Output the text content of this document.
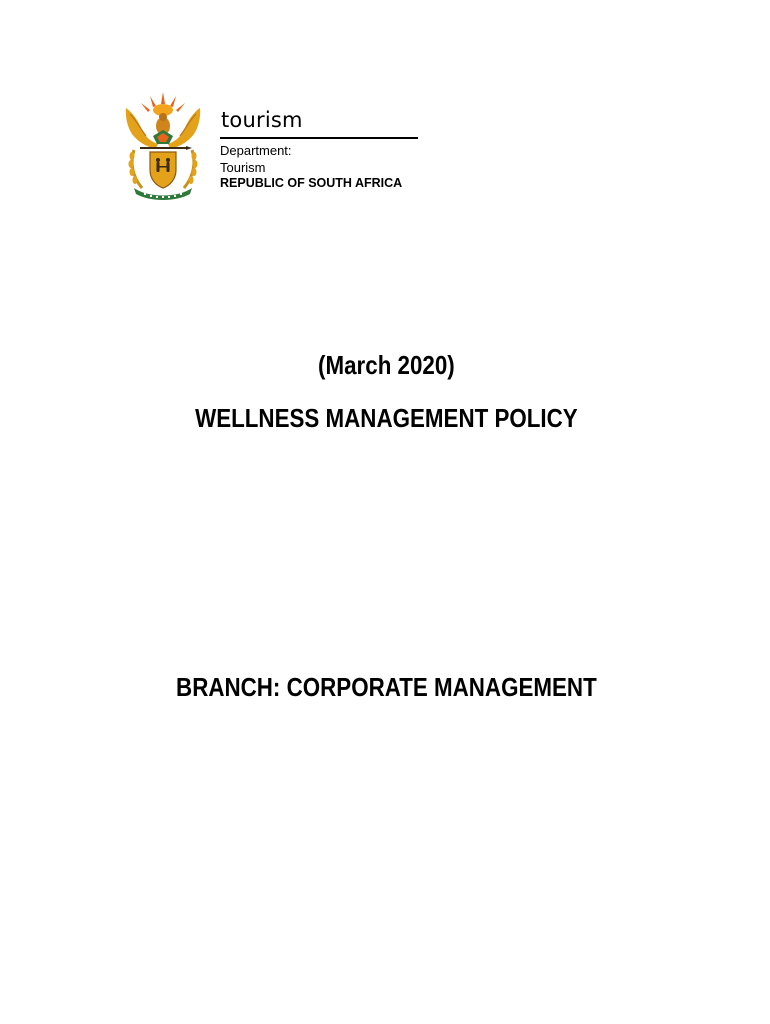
tourism
Department:
Tourism
REPUBLIC OF SOUTH AFRICA
(March 2020)
WELLNESS MANAGEMENT POLICY
BRANCH: CORPORATE MANAGEMENT
